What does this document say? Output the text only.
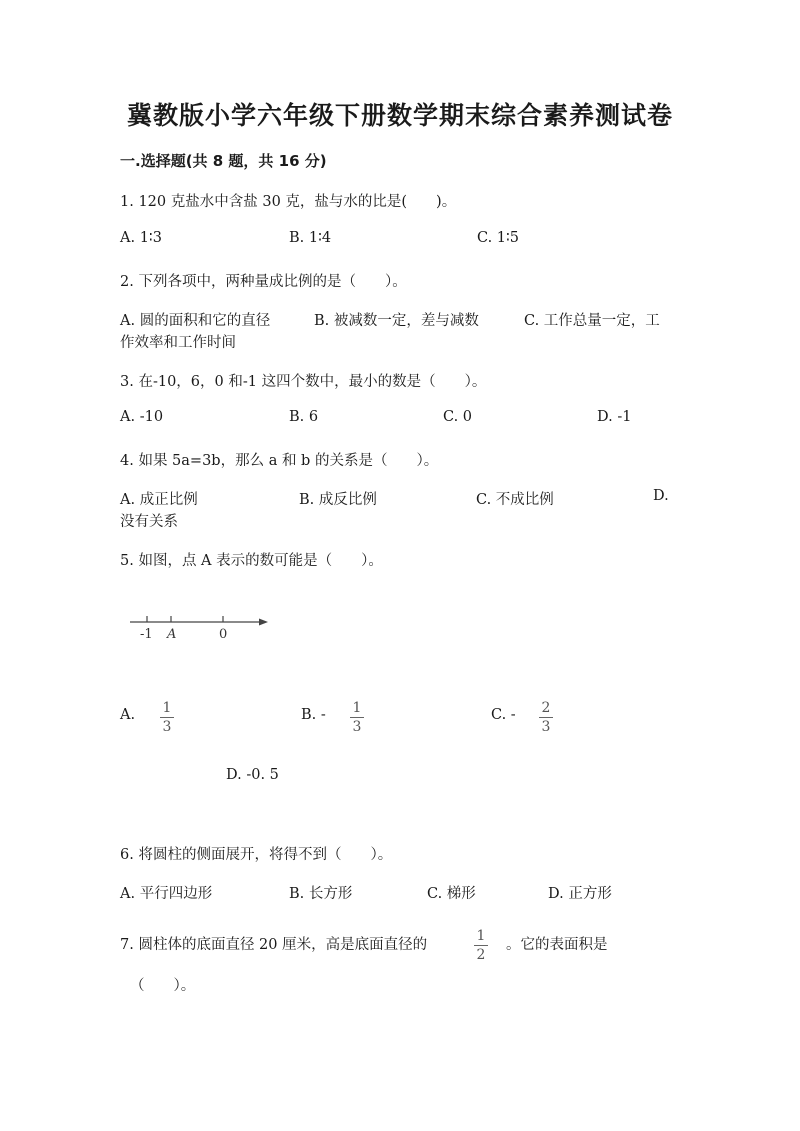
冀教版小学六年级下册数学期末综合素养测试卷
一.选择题(共 8 题，共 16 分)
1. 120 克盐水中含盐 30 克，盐与水的比是(　　)。
A. 1∶3	B. 1∶4	C. 1∶5
2. 下列各项中，两种量成比例的是（　　）。
A. 圆的面积和它的直径	B. 被减数一定，差与减数	C. 工作总量一定，工
作效率和工作时间
3. 在-10，6，0 和-1 这四个数中，最小的数是（　　）。
A. -10	B. 6	C. 0	D. -1
4. 如果 5a=3b，那么 a 和 b 的关系是（　　）。
A. 成正比例	B. 成反比例	C. 不成比例	D.
没有关系
5. 如图，点 A 表示的数可能是（　　）。
-1 A	0
A. 1
3
B. - 1
3
C. - 2
3
D. -0. 5
6. 将圆柱的侧面展开，将得不到（　　）。
A. 平行四边形	B. 长方形	C. 梯形	D. 正方形
7. 圆柱体的底面直径 20 厘米，高是底面直径的
1
2
。它的表面积是
（　　）。
